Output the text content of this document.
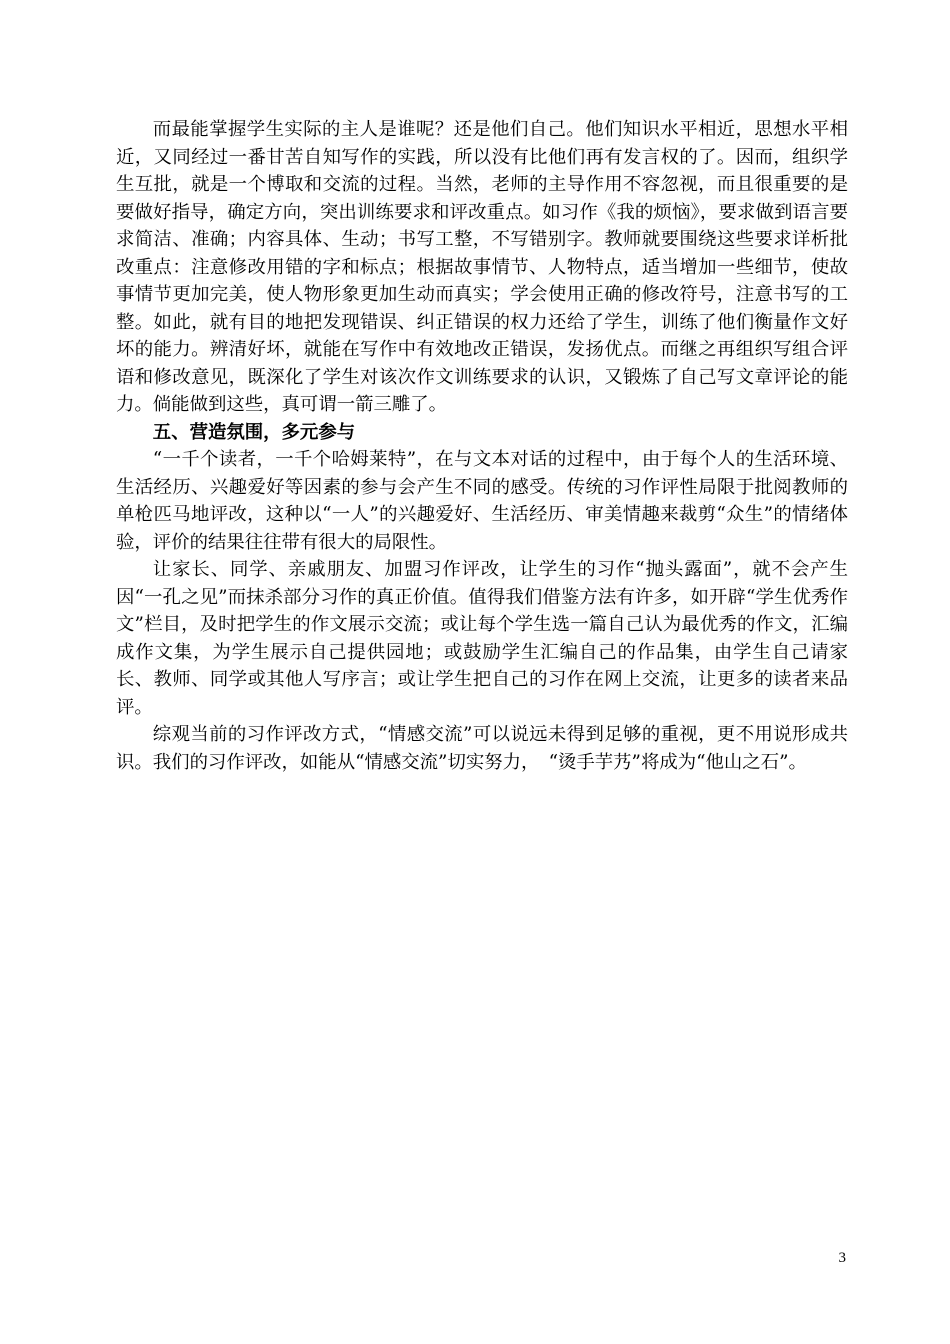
而最能掌握学生实际的主人是谁呢？还是他们自己。他们知识水平相近，思想水平相近，又同经过一番甘苦自知写作的实践，所以没有比他们再有发言权的了。因而，组织学生互批，就是一个博取和交流的过程。当然，老师的主导作用不容忽视，而且很重要的是要做好指导，确定方向，突出训练要求和评改重点。如习作《我的烦恼》，要求做到语言要求简洁、准确；内容具体、生动；书写工整，不写错别字。教师就要围绕这些要求详析批改重点：注意修改用错的字和标点；根据故事情节、人物特点，适当增加一些细节，使故事情节更加完美，使人物形象更加生动而真实；学会使用正确的修改符号，注意书写的工整。如此，就有目的地把发现错误、纠正错误的权力还给了学生，训练了他们衡量作文好坏的能力。辨清好坏，就能在写作中有效地改正错误，发扬优点。而继之再组织写组合评语和修改意见，既深化了学生对该次作文训练要求的认识，又锻炼了自己写文章评论的能力。倘能做到这些，真可谓一箭三雕了。

五、营造氛围，多元参与

“一千个读者，一千个哈姆莱特”，在与文本对话的过程中，由于每个人的生活环境、生活经历、兴趣爱好等因素的参与会产生不同的感受。传统的习作评性局限于批阅教师的单枪匹马地评改，这种以“一人”的兴趣爱好、生活经历、审美情趣来裁剪“众生”的情绪体验，评价的结果往往带有很大的局限性。

让家长、同学、亲戚朋友、加盟习作评改，让学生的习作“抛头露面”，就不会产生因“一孔之见”而抹杀部分习作的真正价值。值得我们借鉴方法有许多，如开辟“学生优秀作文”栏目，及时把学生的作文展示交流；或让每个学生选一篇自己认为最优秀的作文，汇编成作文集，为学生展示自己提供园地；或鼓励学生汇编自己的作品集，由学生自己请家长、教师、同学或其他人写序言；或让学生把自己的习作在网上交流，让更多的读者来品评。

综观当前的习作评改方式，“情感交流”可以说远未得到足够的重视，更不用说形成共识。我们的习作评改，如能从“情感交流”切实努力，　“烫手芋艿”将成为“他山之石”。

3
